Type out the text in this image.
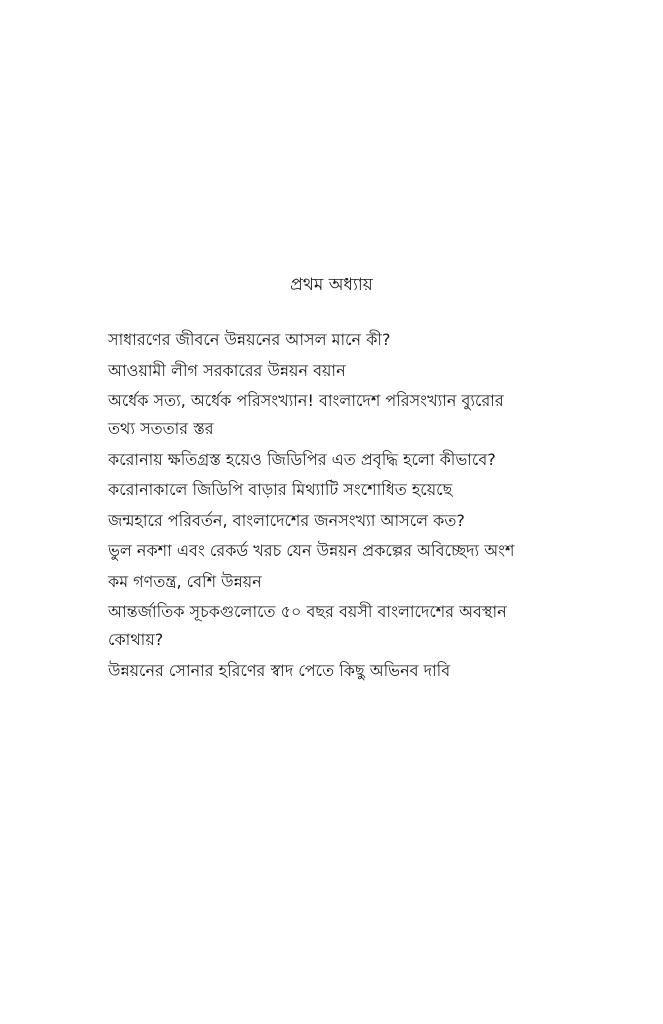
প্রথম অধ্যায়
সাধারণের জীবনে উন্নয়নের আসল মানে কী?
আওয়ামী লীগ সরকারের উন্নয়ন বয়ান
অর্ধেক সত্য, অর্ধেক পরিসংখ্যান! বাংলাদেশ পরিসংখ্যান ব্যুরোর
তথ্য সততার স্তর
করোনায় ক্ষতিগ্রস্ত হয়েও জিডিপির এত প্রবৃদ্ধি হলো কীভাবে?
করোনাকালে জিডিপি বাড়ার মিথ্যাটি সংশোধিত হয়েছে
জন্মহারে পরিবর্তন, বাংলাদেশের জনসংখ্যা আসলে কত?
ভুল নকশা এবং রেকর্ড খরচ যেন উন্নয়ন প্রকল্পের অবিচ্ছেদ্য অংশ
কম গণতন্ত্র, বেশি উন্নয়ন
আন্তর্জাতিক সূচকগুলোতে ৫০ বছর বয়সী বাংলাদেশের অবস্থান
কোথায়?
উন্নয়নের সোনার হরিণের স্বাদ পেতে কিছু অভিনব দাবি
